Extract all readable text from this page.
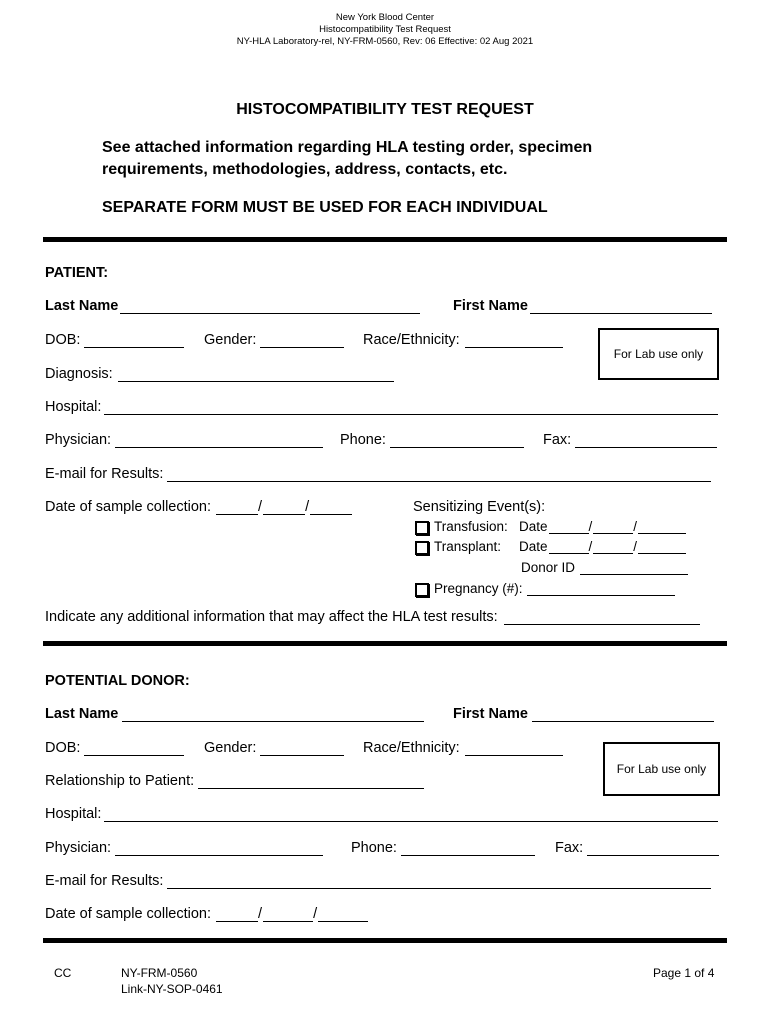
New York Blood Center
Histocompatibility Test Request
NY-HLA Laboratory-rel, NY-FRM-0560, Rev: 06 Effective: 02 Aug 2021
HISTOCOMPATIBILITY TEST REQUEST
See attached information regarding HLA testing order, specimen requirements, methodologies, address, contacts, etc.
SEPARATE FORM MUST BE USED FOR EACH INDIVIDUAL
PATIENT:
Last Name	First Name
DOB:	Gender:	Race/Ethnicity:
For Lab use only
Diagnosis:
Hospital:
Physician:	Phone:	Fax:
E-mail for Results:
Date of sample collection:	/	/	Sensitizing Event(s):
Transfusion: Date	/	/
Transplant:	Date	/	/
Donor ID
Pregnancy (#):
Indicate any additional information that may affect the HLA test results:
POTENTIAL DONOR:
Last Name	First Name
DOB:	Gender:	Race/Ethnicity:
For Lab use only
Relationship to Patient:
Hospital:
Physician:	Phone:	Fax:
E-mail for Results:
Date of sample collection:	/	/
CC	NY-FRM-0560
Link-NY-SOP-0461
Page 1 of 4
